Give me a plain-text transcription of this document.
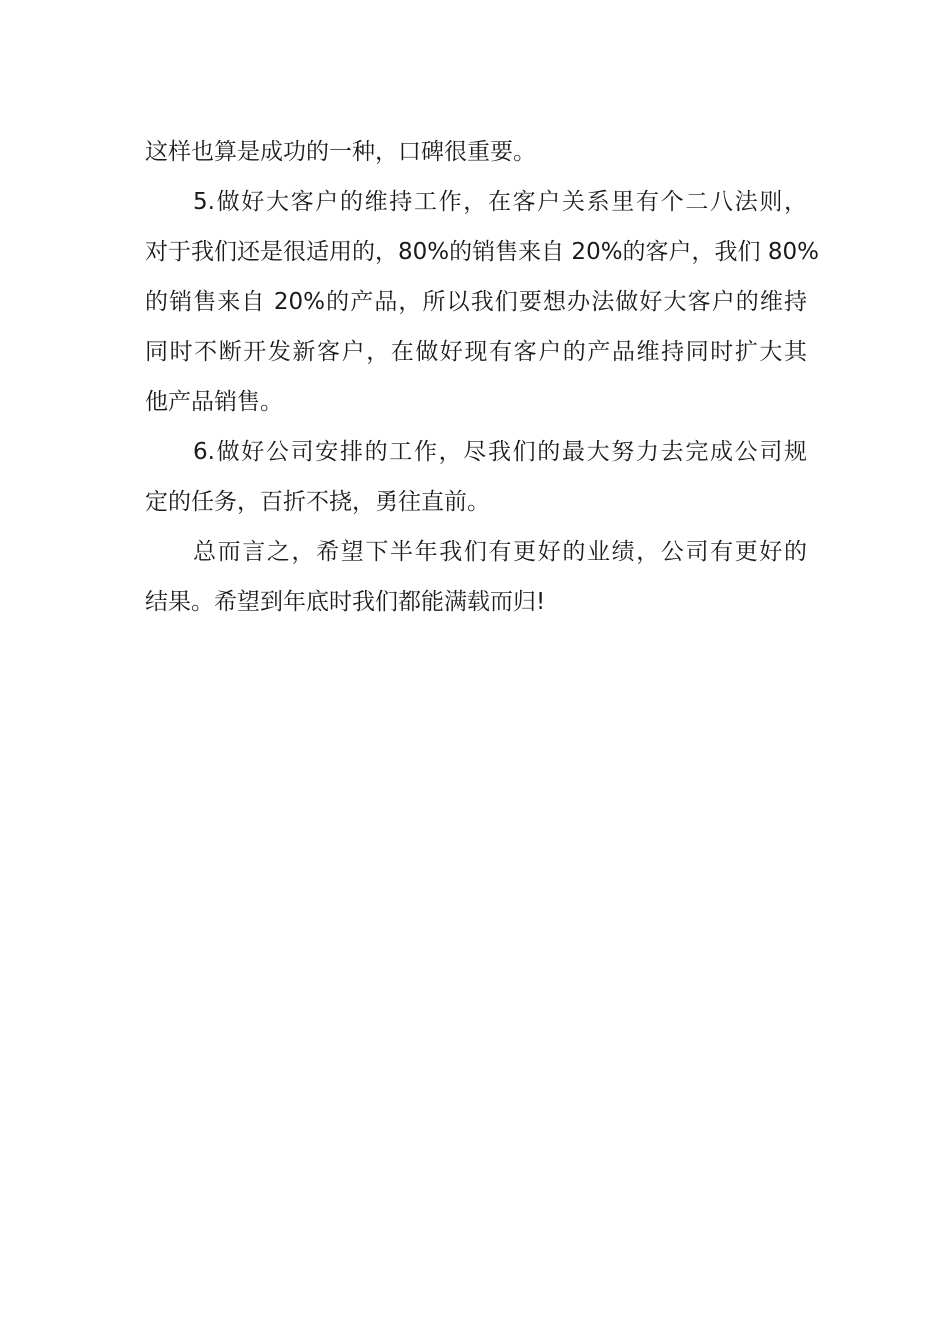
这样也算是成功的一种，口碑很重要。
5.做好大客户的维持工作，在客户关系里有个二八法则，
对于我们还是很适用的，80%的销售来自 20%的客户，我们 80%
的销售来自 20%的产品，所以我们要想办法做好大客户的维持
同时不断开发新客户，在做好现有客户的产品维持同时扩大其
他产品销售。
6.做好公司安排的工作，尽我们的最大努力去完成公司规
定的任务，百折不挠，勇往直前。
总而言之，希望下半年我们有更好的业绩，公司有更好的
结果。希望到年底时我们都能满载而归!
